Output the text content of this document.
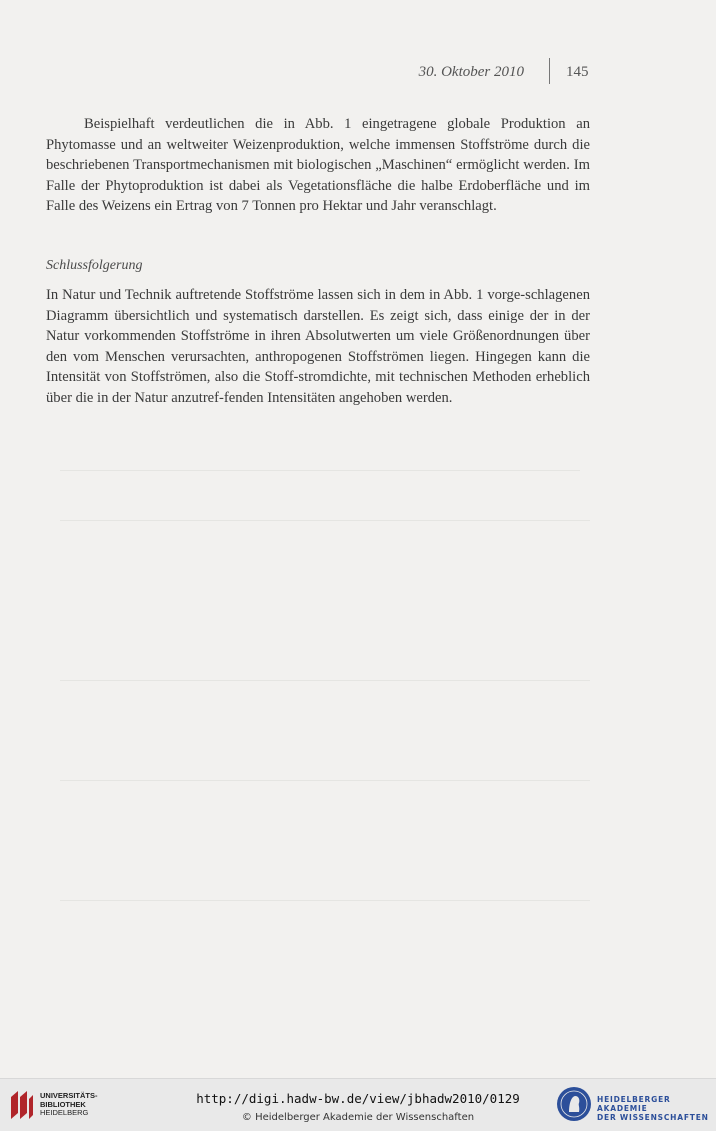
30. Oktober 2010	145

Beispielhaft verdeutlichen die in Abb. 1 eingetragene globale Produktion an Phytomasse und an weltweiter Weizenproduktion, welche immensen Stoffströme durch die beschriebenen Transportmechanismen mit biologischen „Maschinen“ ermöglicht werden. Im Falle der Phytoproduktion ist dabei als Vegetationsfläche die halbe Erdoberfläche und im Falle des Weizens ein Ertrag von 7 Tonnen pro Hektar und Jahr veranschlagt.

Schlussfolgerung

In Natur und Technik auftretende Stoffströme lassen sich in dem in Abb. 1 vorge-schlagenen Diagramm übersichtlich und systematisch darstellen. Es zeigt sich, dass einige der in der Natur vorkommenden Stoffströme in ihren Absolutwerten um viele Größenordnungen über den vom Menschen verursachten, anthropogenen Stoffströmen liegen. Hingegen kann die Intensität von Stoffströmen, also die Stoff-stromdichte, mit technischen Methoden erheblich über die in der Natur anzutref-fenden Intensitäten angehoben werden.

UNIVERSITÄTS-
BIBLIOTHEK
HEIDELBERG
http://digi.hadw-bw.de/view/jbhadw2010/0129
© Heidelberger Akademie der Wissenschaften
HEIDELBERGER AKADEMIE
DER WISSENSCHAFTEN
